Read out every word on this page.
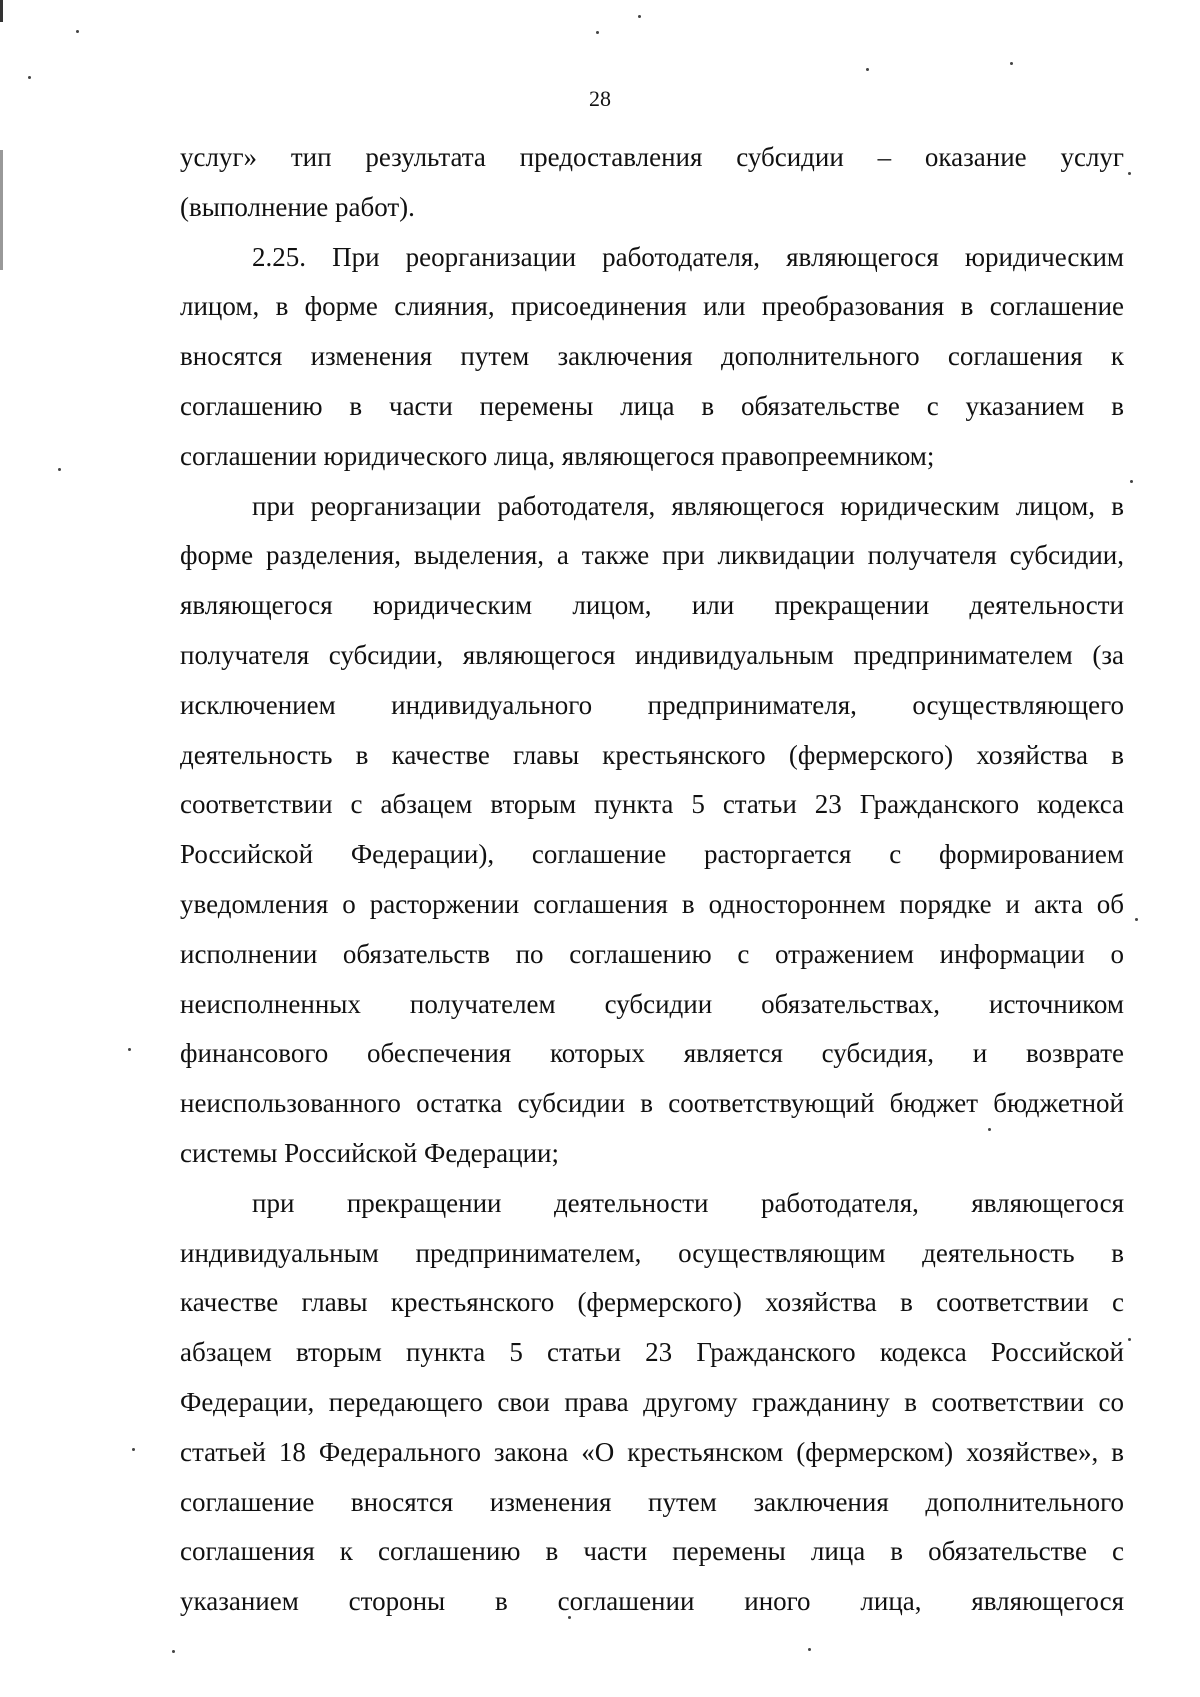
28

услуг» тип результата предоставления субсидии – оказание услуг
(выполнение работ).

2.25. При реорганизации работодателя, являющегося юридическим
лицом, в форме слияния, присоединения или преобразования в соглашение
вносятся изменения путем заключения дополнительного соглашения к
соглашению в части перемены лица в обязательстве с указанием в
соглашении юридического лица, являющегося правопреемником;

при реорганизации работодателя, являющегося юридическим лицом, в
форме разделения, выделения, а также при ликвидации получателя субсидии,
являющегося юридическим лицом, или прекращении деятельности
получателя субсидии, являющегося индивидуальным предпринимателем (за
исключением индивидуального предпринимателя, осуществляющего
деятельность в качестве главы крестьянского (фермерского) хозяйства в
соответствии с абзацем вторым пункта 5 статьи 23 Гражданского кодекса
Российской Федерации), соглашение расторгается с формированием
уведомления о расторжении соглашения в одностороннем порядке и акта об
исполнении обязательств по соглашению с отражением информации о
неисполненных получателем субсидии обязательствах, источником
финансового обеспечения которых является субсидия, и возврате
неиспользованного остатка субсидии в соответствующий бюджет бюджетной
системы Российской Федерации;

при прекращении деятельности работодателя, являющегося
индивидуальным предпринимателем, осуществляющим деятельность в
качестве главы крестьянского (фермерского) хозяйства в соответствии с
абзацем вторым пункта 5 статьи 23 Гражданского кодекса Российской
Федерации, передающего свои права другому гражданину в соответствии со
статьей 18 Федерального закона «О крестьянском (фермерском) хозяйстве», в
соглашение вносятся изменения путем заключения дополнительного
соглашения к соглашению в части перемены лица в обязательстве с
указанием стороны в соглашении иного лица, являющегося
